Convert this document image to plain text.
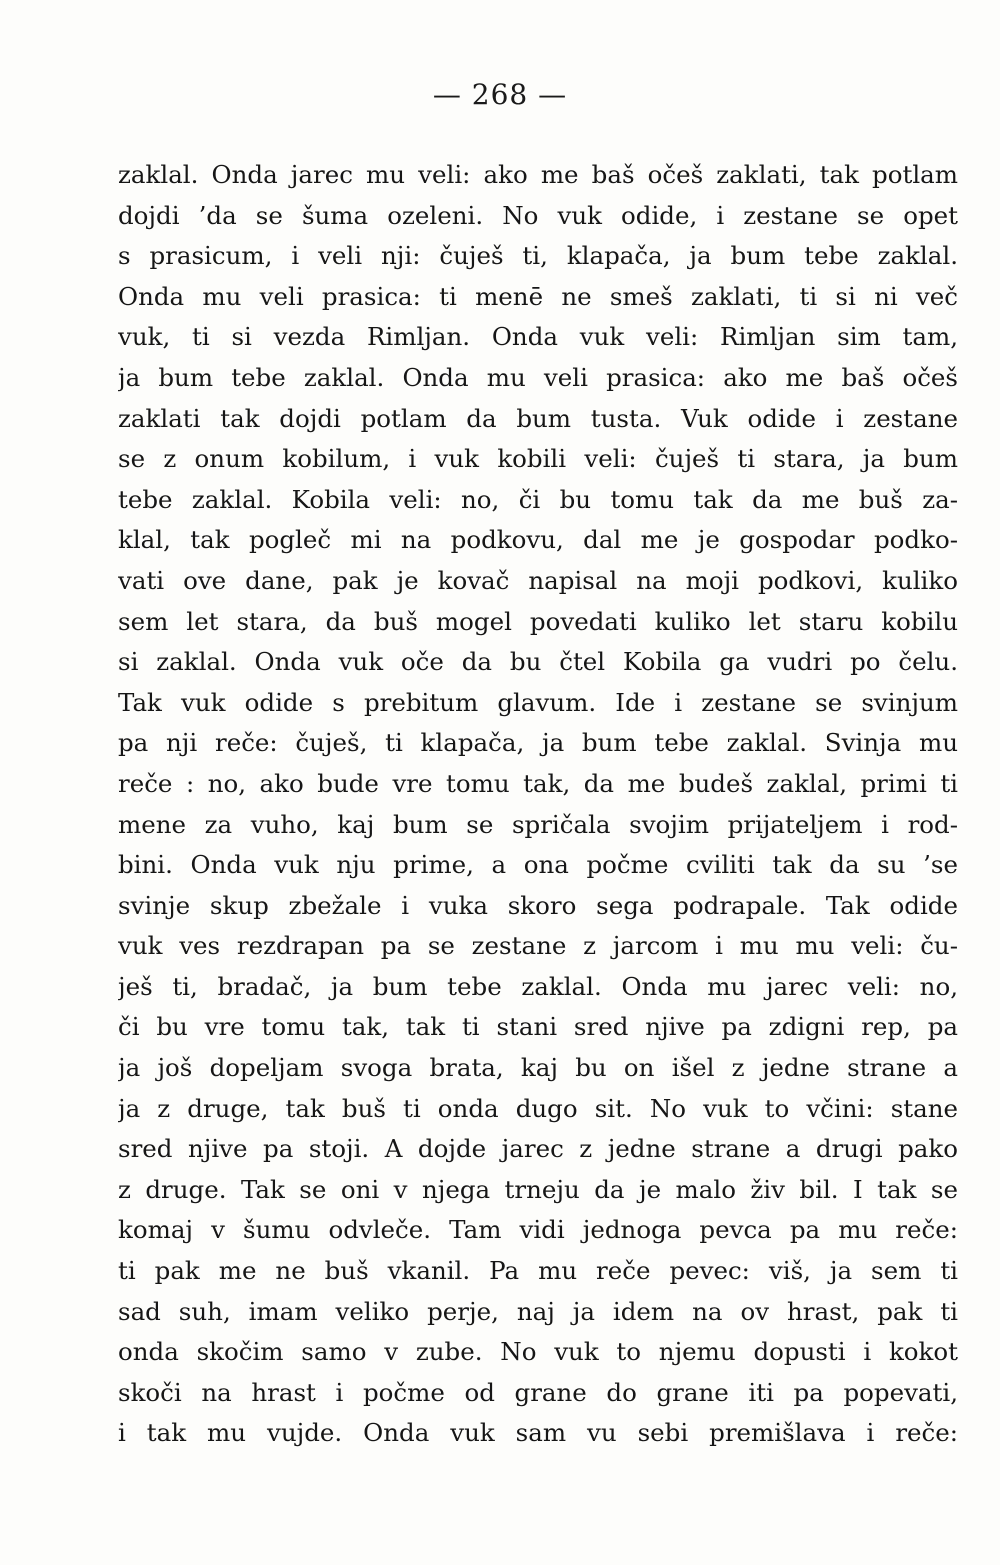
— 268 —
zaklal. Onda jarec mu veli: ako me baš očeš zaklati, tak potlam
dojdi ’da se šuma ozeleni. No vuk odide, i zestane se opet
s prasicum, i veli nji: čuješ ti, klapača, ja bum tebe zaklal.
Onda mu veli prasica: ti menē ne smeš zaklati, ti si ni več
vuk, ti si vezda Rimljan. Onda vuk veli: Rimljan sim tam,
ja bum tebe zaklal. Onda mu veli prasica: ako me baš očeš
zaklati tak dojdi potlam da bum tusta. Vuk odide i zestane
se z onum kobilum, i vuk kobili veli: čuješ ti stara, ja bum
tebe zaklal. Kobila veli: no, či bu tomu tak da me buš za-
klal, tak pogleč mi na podkovu, dal me je gospodar podko-
vati ove dane, pak je kovač napisal na moji podkovi, kuliko
sem let stara, da buš mogel povedati kuliko let staru kobilu
si zaklal. Onda vuk oče da bu čtel Kobila ga vudri po čelu.
Tak vuk odide s prebitum glavum. Ide i zestane se svinjum
pa nji reče: čuješ, ti klapača, ja bum tebe zaklal. Svinja mu
reče : no, ako bude vre tomu tak, da me budeš zaklal, primi ti
mene za vuho, kaj bum se spričala svojim prijateljem i rod-
bini. Onda vuk nju prime, a ona počme cviliti tak da su ’se
svinje skup zbežale i vuka skoro sega podrapale. Tak odide
vuk ves rezdrapan pa se zestane z jarcom i mu mu veli: ču-
ješ ti, bradač, ja bum tebe zaklal. Onda mu jarec veli: no,
či bu vre tomu tak, tak ti stani sred njive pa zdigni rep, pa
ja još dopeljam svoga brata, kaj bu on išel z jedne strane a
ja z druge, tak buš ti onda dugo sit. No vuk to včini: stane
sred njive pa stoji. A dojde jarec z jedne strane a drugi pako
z druge. Tak se oni v njega trneju da je malo živ bil. I tak se
komaj v šumu odvleče. Tam vidi jednoga pevca pa mu reče:
ti pak me ne buš vkanil. Pa mu reče pevec: viš, ja sem ti
sad suh, imam veliko perje, naj ja idem na ov hrast, pak ti
onda skočim samo v zube. No vuk to njemu dopusti i kokot
skoči na hrast i počme od grane do grane iti pa popevati,
i tak mu vujde. Onda vuk sam vu sebi premišlava i reče:
